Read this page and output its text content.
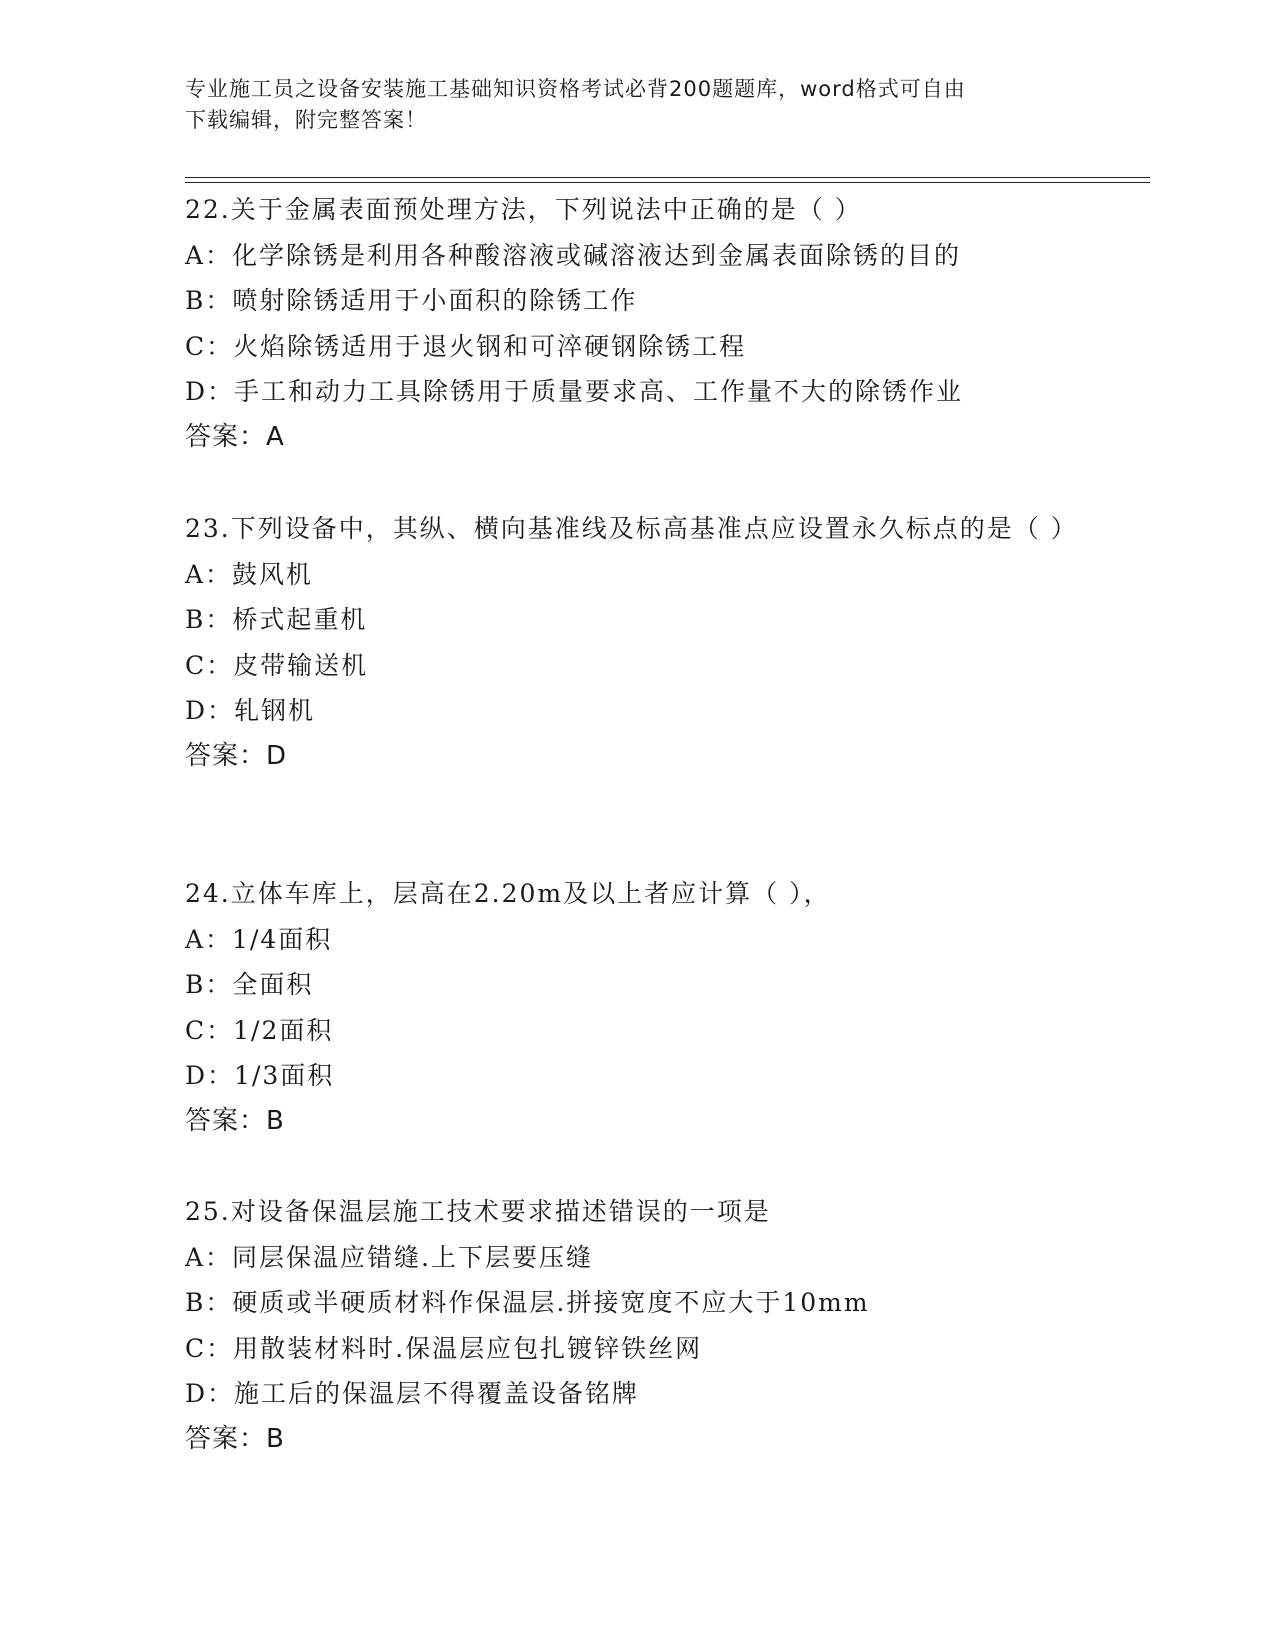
专业施工员之设备安装施工基础知识资格考试必背200题题库，word格式可自由
下载编辑，附完整答案！
22.关于金属表面预处理方法，下列说法中正确的是（ ）
A：化学除锈是利用各种酸溶液或碱溶液达到金属表面除锈的目的
B：喷射除锈适用于小面积的除锈工作
C：火焰除锈适用于退火钢和可淬硬钢除锈工程
D：手工和动力工具除锈用于质量要求高、工作量不大的除锈作业
答案：A
23.下列设备中，其纵、横向基准线及标高基准点应设置永久标点的是（ ）
A：鼓风机
B：桥式起重机
C：皮带输送机
D：轧钢机
答案：D
24.立体车库上，层高在2.20m及以上者应计算（ ），
A：1/4面积
B：全面积
C：1/2面积
D：1/3面积
答案：B
25.对设备保温层施工技术要求描述错误的一项是
A：同层保温应错缝.上下层要压缝
B：硬质或半硬质材料作保温层.拼接宽度不应大于10mm
C：用散装材料时.保温层应包扎镀锌铁丝网
D：施工后的保温层不得覆盖设备铭牌
答案：B
